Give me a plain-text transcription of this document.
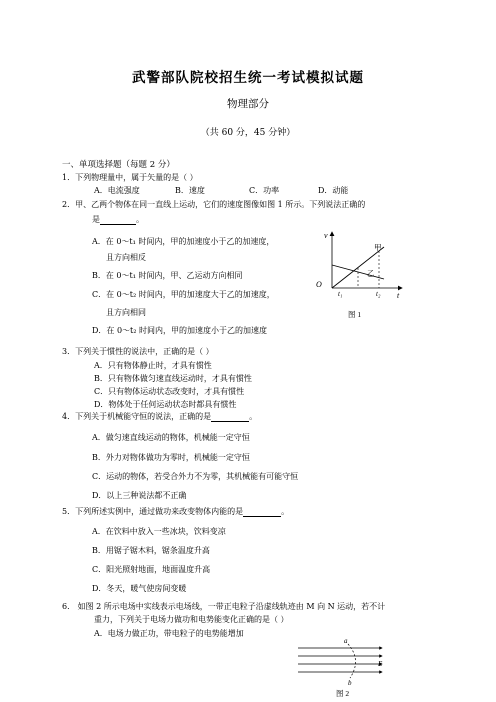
武警部队院校招生统一考试模拟试题
物理部分
（共 60 分，45 分钟）
一、单项选择题（每题 2 分）
1．下列物理量中，属于矢量的是（ ）
A．电流强度	B．速度	C．功率	D．动能
2．甲、乙两个物体在同一直线上运动，它们的速度图像如图 1 所示。下列说法正确的
是	。
A．在 0～t₁ 时间内，甲的加速度小于乙的加速度，
且方向相反
B．在 0～t₁ 时间内，甲、乙运动方向相同
C．在 0～t₂ 时间内，甲的加速度大于乙的加速度，
且方向相同
D．在 0～t₂ 时间内，甲的加速度小于乙的加速度
v
O
t₁	t₂ t
甲
乙
图 1
3．下列关于惯性的说法中，正确的是（ ）
A．只有物体静止时，才具有惯性
B．只有物体做匀速直线运动时，才具有惯性
C．只有物体运动状态改变时，才具有惯性
D．物体处于任何运动状态时都具有惯性
4．下列关于机械能守恒的说法，正确的是	。
A．做匀速直线运动的物体，机械能一定守恒
B．外力对物体做功为零时，机械能一定守恒
C．运动的物体，若受合外力不为零，其机械能有可能守恒
D．以上三种说法都不正确
5．下列所述实例中，通过做功来改变物体内能的是	。
A．在饮料中放入一些冰块，饮料变凉
B．用锯子锯木料，锯条温度升高
C．阳光照射地面，地面温度升高
D．冬天，暖气使房间变暖
6． 如图 2 所示电场中实线表示电场线，一带正电粒子沿虚线轨迹由 M 向 N 运动，若不计
重力，下列关于电场力做功和电势能变化正确的是（ ）
A．电场力做正功，带电粒子的电势能增加
a
b
E
图 2
